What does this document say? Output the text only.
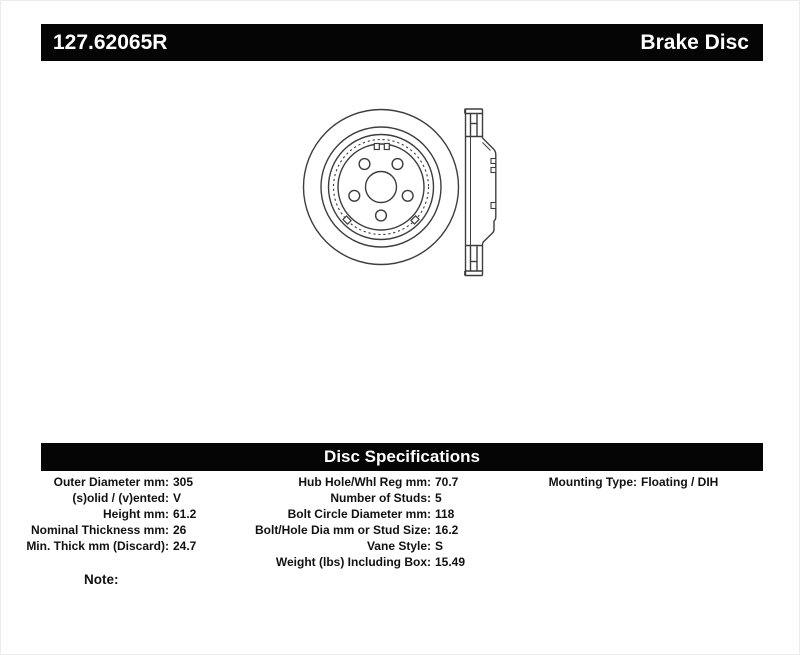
127.62065R	Brake Disc
Disc Specifications
Outer Diameter mm: 305
(s)olid / (v)ented: V
Height mm: 61.2
Nominal Thickness mm: 26
Min. Thick mm (Discard): 24.7
Hub Hole/Whl Reg mm: 70.7
Number of Studs: 5
Bolt Circle Diameter mm: 118
Bolt/Hole Dia mm or Stud Size: 16.2
Vane Style: S
Weight (lbs) Including Box: 15.49
Mounting Type: Floating / DIH
Note:
